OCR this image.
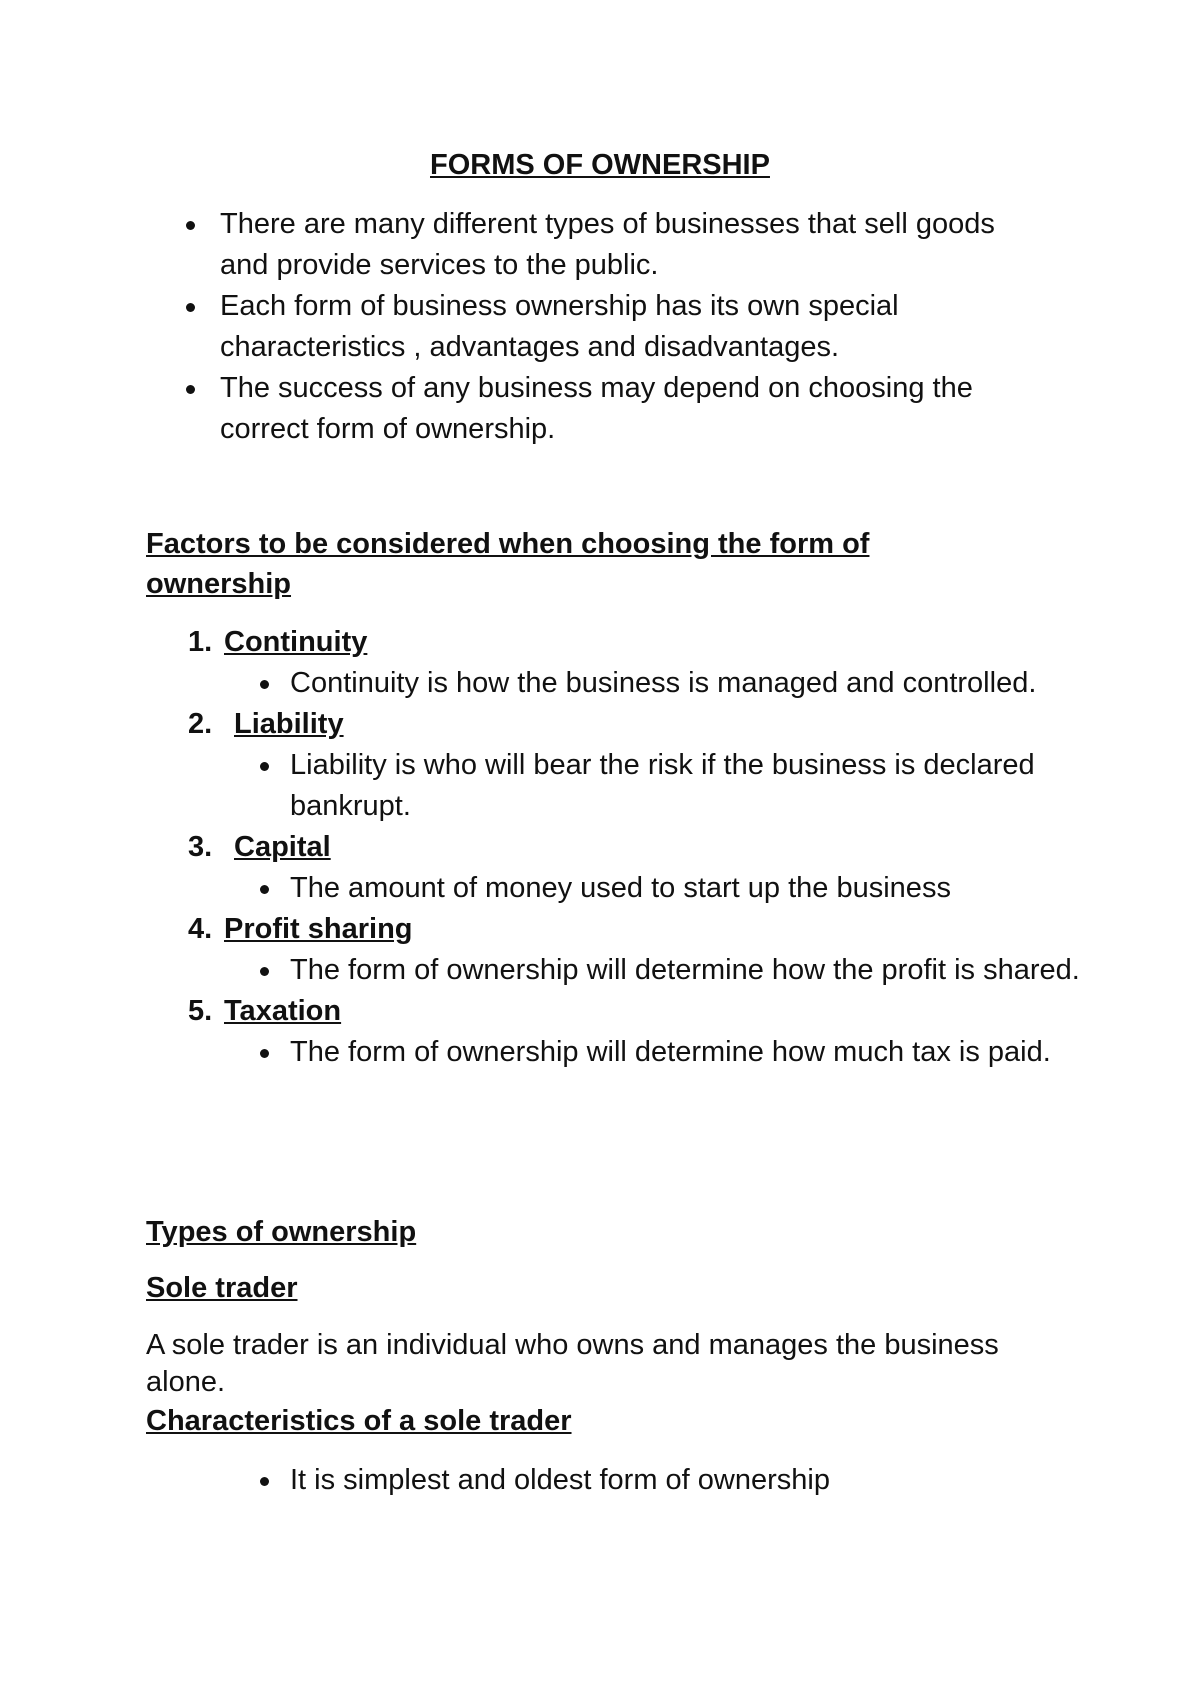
FORMS OF OWNERSHIP
There are many different types of businesses that sell goods and provide services to the public.
Each form of business ownership has its own special characteristics , advantages and disadvantages.
The success of any business may depend on choosing the correct form of ownership.
Factors to be considered when choosing the form of ownership
1. Continuity
Continuity is how the business is managed and controlled.
2. Liability
Liability is who will bear the risk if the business is declared bankrupt.
3. Capital
The amount of money used to start up the business
4. Profit sharing
The form of ownership will determine how the profit is shared.
5. Taxation
The form of ownership will determine how much tax is paid.
Types of ownership
Sole trader
A sole trader is an individual who owns and manages the business alone.
Characteristics of a sole trader
It is simplest and oldest form of ownership
